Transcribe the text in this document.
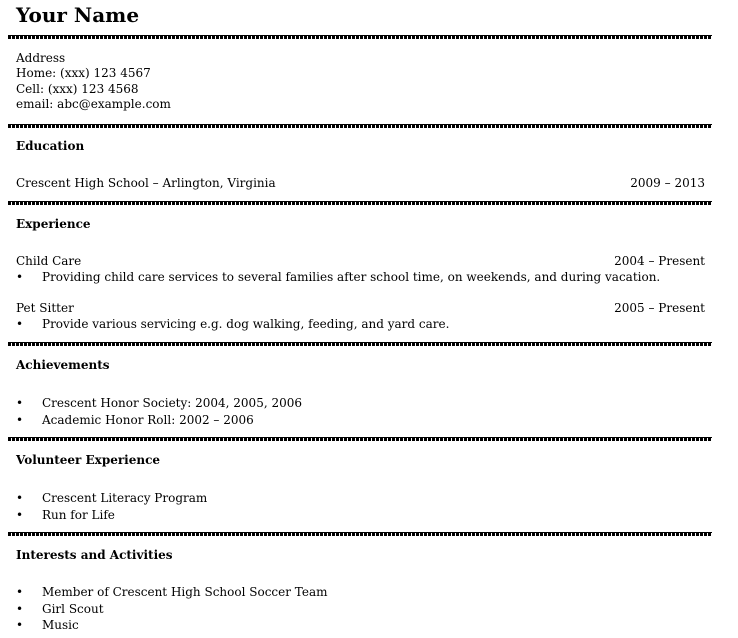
Your Name
Address
Home: (xxx) 123 4567
Cell: (xxx) 123 4568
email: abc@example.com
Education
Crescent High School – Arlington, Virginia	2009 – 2013
Experience
Child Care	2004 – Present
• Providing child care services to several families after school time, on weekends, and during vacation.
Pet Sitter	2005 – Present
• Provide various servicing e.g. dog walking, feeding, and yard care.
Achievements
• Crescent Honor Society: 2004, 2005, 2006
• Academic Honor Roll: 2002 – 2006
Volunteer Experience
• Crescent Literacy Program
• Run for Life
Interests and Activities
• Member of Crescent High School Soccer Team
• Girl Scout
• Music
